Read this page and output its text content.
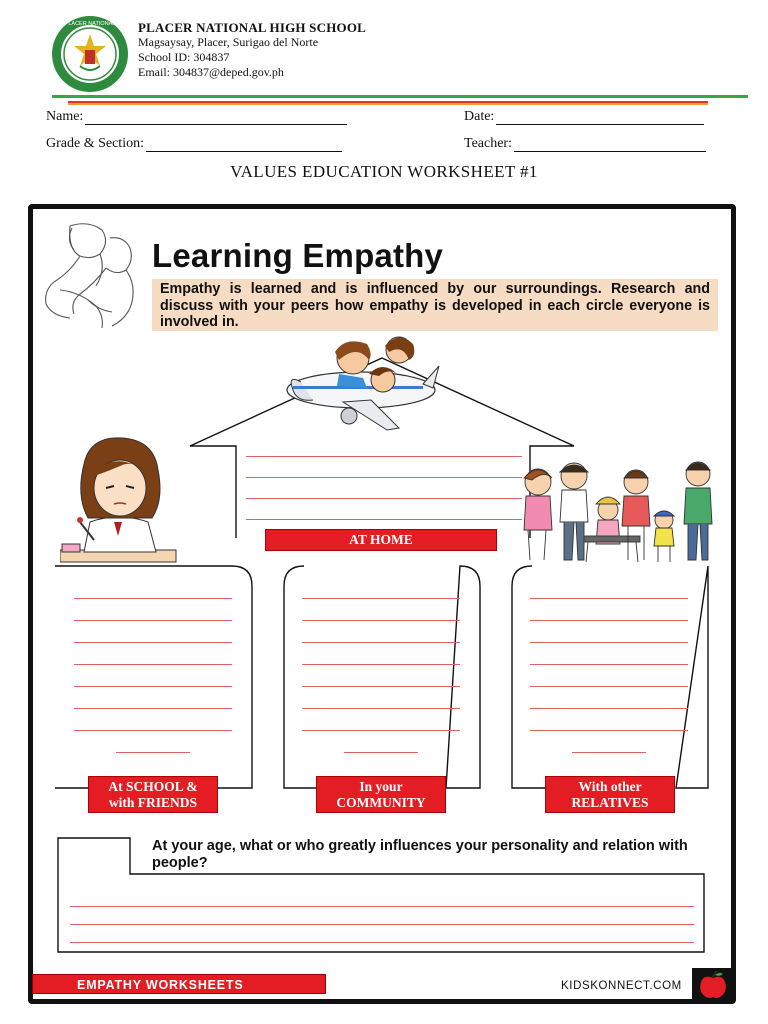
PLACER NATIONAL PLACER NATIONAL HIGH SCHOOL
Magsaysay, Placer, Surigao del Norte
School ID: 304837
Email: 304837@deped.gov.ph
Name:	Date:
Grade & Section:	Teacher:
VALUES EDUCATION WORKSHEET #1
Learning Empathy
Empathy is learned and is influenced by our surroundings. Research and discuss with your peers how empathy is developed in each circle everyone is involved in.
AT HOME
At SCHOOL &
with FRIENDS
In your
COMMUNITY
With other
RELATIVES
At your age, what or who greatly influences your personality and relation with people?
EMPATHY WORKSHEETS	KIDSKONNECT.COM
